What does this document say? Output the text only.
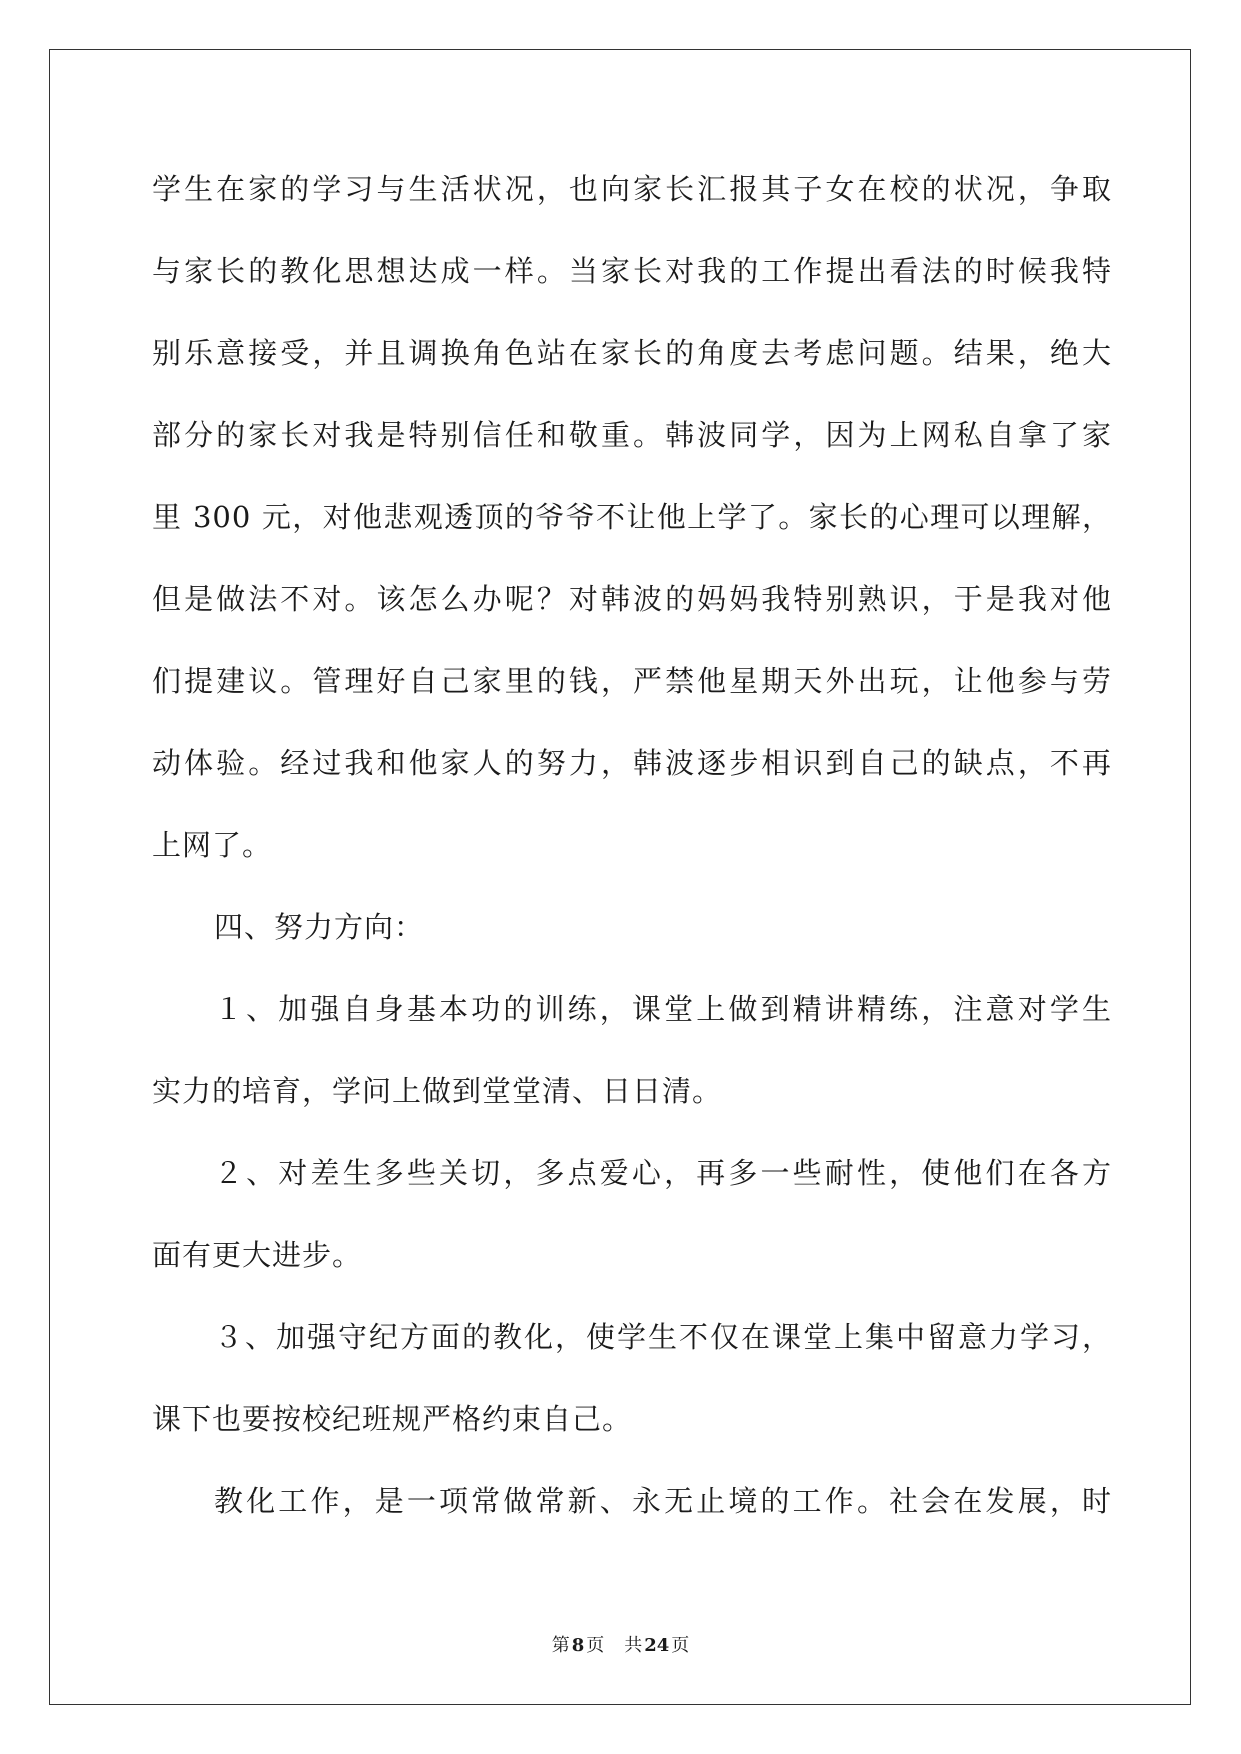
学生在家的学习与生活状况，也向家长汇报其子女在校的状况，争取
与家长的教化思想达成一样。当家长对我的工作提出看法的时候我特
别乐意接受，并且调换角色站在家长的角度去考虑问题。结果，绝大
部分的家长对我是特别信任和敬重。韩波同学，因为上网私自拿了家
里 300 元，对他悲观透顶的爷爷不让他上学了。家长的心理可以理解，
但是做法不对。该怎么办呢？对韩波的妈妈我特别熟识，于是我对他
们提建议。管理好自己家里的钱，严禁他星期天外出玩，让他参与劳
动体验。经过我和他家人的努力，韩波逐步相识到自己的缺点，不再
上网了。
四、努力方向：
１、加强自身基本功的训练，课堂上做到精讲精练，注意对学生
实力的培育，学问上做到堂堂清、日日清。
２、对差生多些关切，多点爱心，再多一些耐性，使他们在各方
面有更大进步。
３、加强守纪方面的教化，使学生不仅在课堂上集中留意力学习，
课下也要按校纪班规严格约束自己。
教化工作，是一项常做常新、永无止境的工作。社会在发展，时
第 8 页 共 24 页
